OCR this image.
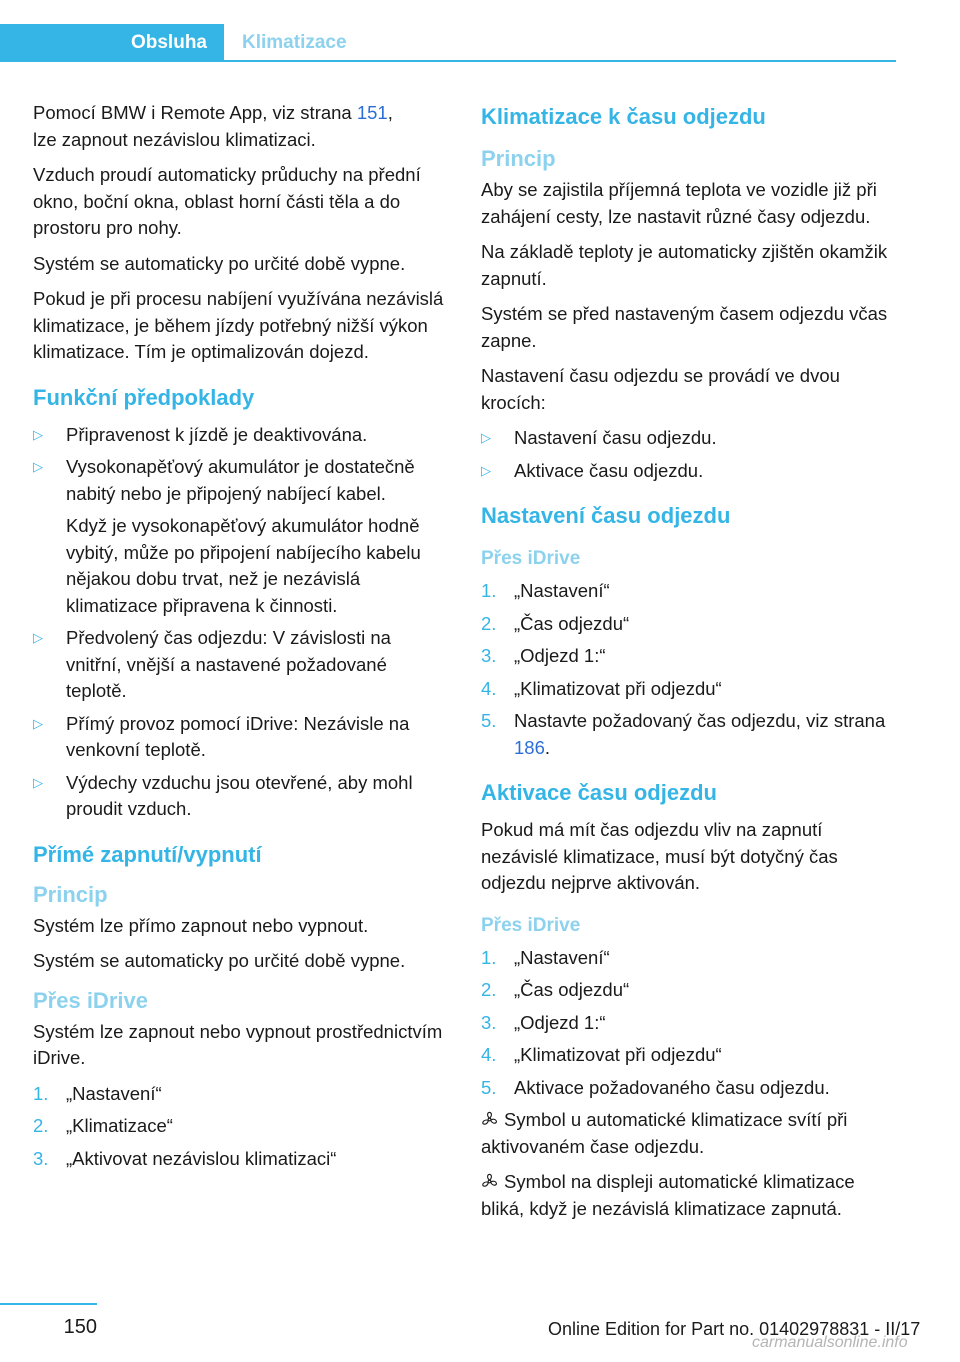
Obsluha	Klimatizace

Pomocí BMW i Remote App, viz strana 151,
lze zapnout nezávislou klimatizaci.

Vzduch proudí automaticky průduchy na přední okno, boční okna, oblast horní části těla a do prostoru pro nohy.

Systém se automaticky po určité době vypne.

Pokud je při procesu nabíjení využívána nezávislá klimatizace, je během jízdy potřebný nižší výkon klimatizace. Tím je optimalizován dojezd.

Funkční předpoklady
▷ Připravenost k jízdě je deaktivována.
▷ Vysokonapěťový akumulátor je dostatečně nabitý nebo je připojený nabíjecí kabel.
Když je vysokonapěťový akumulátor hodně vybitý, může po připojení nabíjecího kabelu nějakou dobu trvat, než je nezávislá klimatizace připravena k činnosti.
▷ Předvolený čas odjezdu: V závislosti na vnitřní, vnější a nastavené požadované teplotě.
▷ Přímý provoz pomocí iDrive: Nezávisle na venkovní teplotě.
▷ Výdechy vzduchu jsou otevřené, aby mohl proudit vzduch.
Přímé zapnutí/vypnutí
Princip

Systém lze přímo zapnout nebo vypnout.

Systém se automaticky po určité době vypne.

Přes iDrive

Systém lze zapnout nebo vypnout prostřednictvím iDrive.

1. „Nastavení“
2. „Klimatizace“
3. „Aktivovat nezávislou klimatizaci“
Klimatizace k času odjezdu
Princip

Aby se zajistila příjemná teplota ve vozidle již při zahájení cesty, lze nastavit různé časy odjezdu.

Na základě teploty je automaticky zjištěn okamžik zapnutí.

Systém se před nastaveným časem odjezdu včas zapne.

Nastavení času odjezdu se provádí ve dvou krocích:

▷ Nastavení času odjezdu.
▷ Aktivace času odjezdu.
Nastavení času odjezdu
Přes iDrive
1. „Nastavení“
2. „Čas odjezdu“
3. „Odjezd 1:“
4. „Klimatizovat při odjezdu“
5. Nastavte požadovaný čas odjezdu, viz strana 186.
Aktivace času odjezdu

Pokud má mít čas odjezdu vliv na zapnutí nezávislé klimatizace, musí být dotyčný čas odjezdu nejprve aktivován.

Přes iDrive
1. „Nastavení“
2. „Čas odjezdu“
3. „Odjezd 1:“
4. „Klimatizovat při odjezdu“
5. Aktivace požadovaného času odjezdu.

Symbol u automatické klimatizace svítí při aktivovaném čase odjezdu.

Symbol na displeji automatické klimatizace bliká, když je nezávislá klimatizace zapnutá.

150	Online Edition for Part no. 01402978831 - II/17
carmanualsonline.info
